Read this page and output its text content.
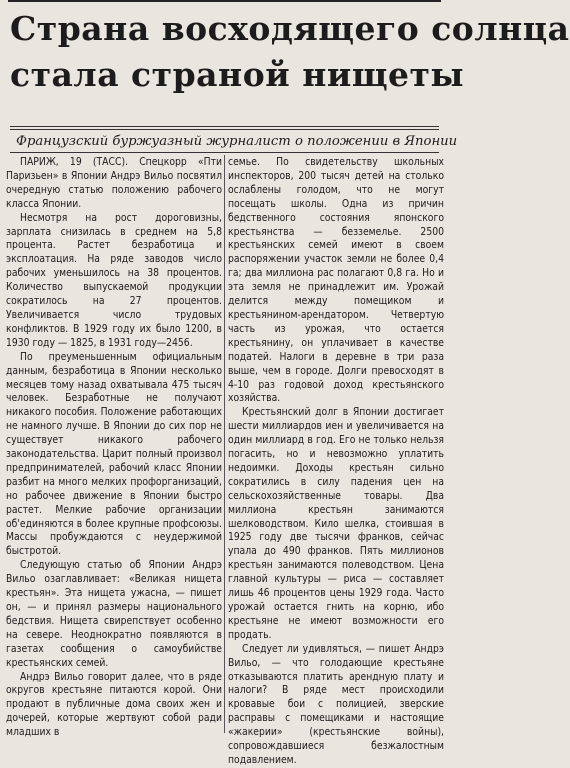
Страна восходящего солнца
стала страной нищеты
Французский буржуазный журналист о положении в Японии

ПАРИЖ, 19 (ТАСС). Спецкорр «Пти Паризьен» в Японии Андрэ Вильо посвятил очередную статью положению рабочего класса Японии.

Несмотря на рост дороговизны, зарплата снизилась в среднем на 5,8 процента. Растет безработица и эксплоатация. На ряде заводов число рабочих уменьшилось на 38 процентов. Количество выпускаемой продукции сократилось на 27 процентов. Увеличивается число трудовых конфликтов. В 1929 году их было 1200, в 1930 году — 1825, в 1931 году—2456.

По преуменьшенным официальным данным, безработица в Японии несколько месяцев тому назад охватывала 475 тысяч человек. Безработные не получают никакого пособия. Положение работающих не намного лучше. В Японии до сих пор не существует никакого рабочего законодательства. Царит полный произвол предпринимателей, рабочий класс Японии разбит на много мелких профорганизаций, но рабочее движение в Японии быстро растет. Мелкие рабочие организации об'единяются в более крупные профсоюзы. Массы пробуждаются с неудержимой быстротой.

Следующую статью об Японии Андрэ Вильо озаглавливает: «Великая нищета крестьян». Эта нищета ужасна, — пишет он, — и принял размеры национального бедствия. Нищета свирепствует особенно на севере. Неоднократно появляются в газетах сообщения о самоубийстве крестьянских семей.

Андрэ Вильо говорит далее, что в ряде округов крестьяне питаются корой. Они продают в публичные дома своих жен и дочерей, которые жертвуют собой ради младших в

семье. По свидетельству школьных инспекторов, 200 тысяч детей на столько ослаблены голодом, что не могут посещать школы. Одна из причин бедственного состояния японского крестьянства — безземелье. 2500 крестьянских семей имеют в своем распоряжении участок земли не более 0,4 га; два миллиона рас полагают 0,8 га. Но и эта земля не принадлежит им. Урожай делится между помещиком и крестьянином-арендатором. Четвертую часть из урожая, что остается крестьянину, он уплачивает в качестве податей. Налоги в деревне в три раза выше, чем в городе. Долги превосходят в 4-10 раз годовой доход крестьянского хозяйства.

Крестьянский долг в Японии достигает шести миллиардов иен и увеличивается на один миллиард в год. Его не только нельзя погасить, но и невозможно уплатить недоимки. Доходы крестьян сильно сократились в силу падения цен на сельскохозяйственные товары. Два миллиона крестьян занимаются шелководством. Кило шелка, стоившая в 1925 году две тысячи франков, сейчас упала до 490 франков. Пять миллионов крестьян занимаются полеводством. Цена главной культуры — риса — составляет лишь 46 процентов цены 1929 года. Часто урожай остается гнить на корню, ибо крестьяне не имеют возможности его продать.

Следует ли удивляться, — пишет Андрэ Вильо, — что голодающие крестьяне отказываются платить арендную плату и налоги? В ряде мест происходили кровавые бои с полицией, зверские расправы с помещиками и настоящие «жакерии» (крестьянские войны), сопровождавшиеся безжалостным подавлением.
